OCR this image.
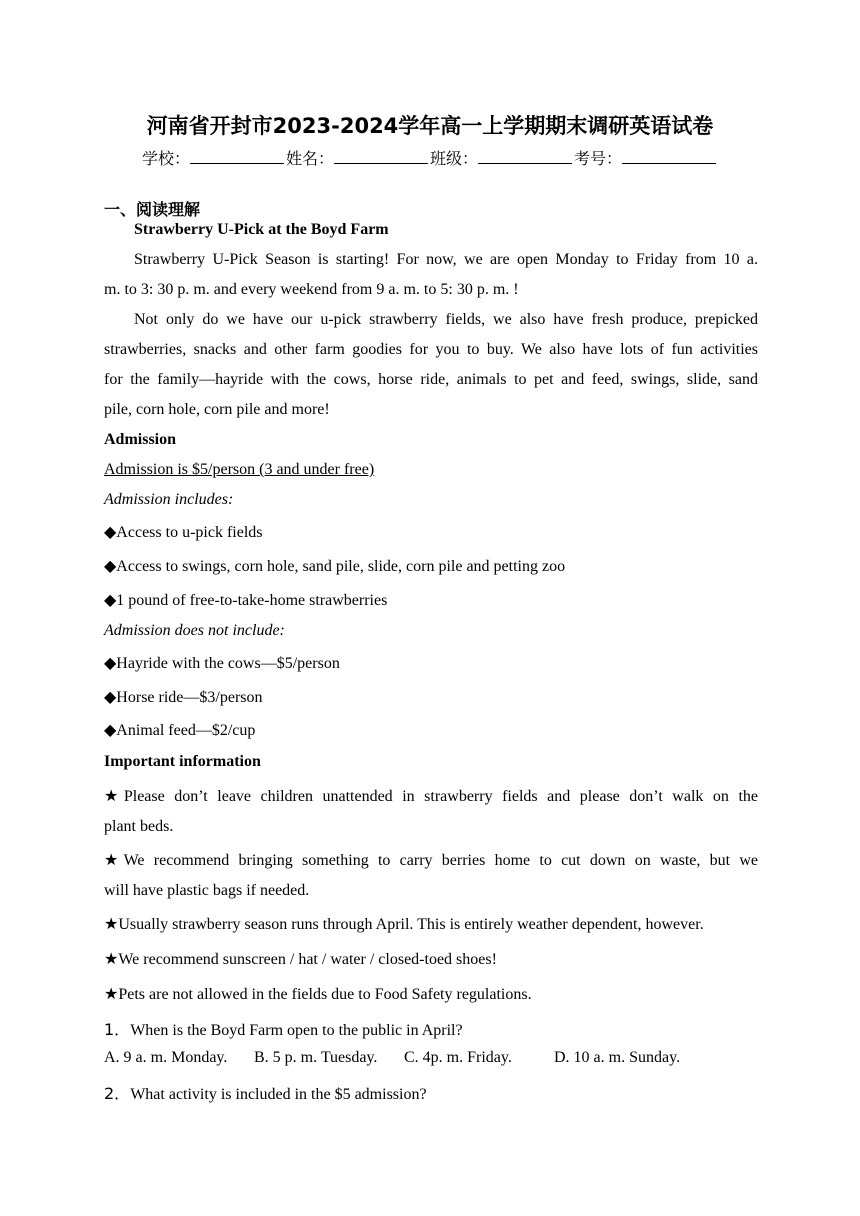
河南省开封市2023-2024学年高一上学期期末调研英语试卷
学校：	姓名：	班级：	考号：
一、阅读理解
Strawberry U-Pick at the Boyd Farm
Strawberry U-Pick Season is starting! For now, we are open Monday to Friday from 10 a.
m. to 3: 30 p. m. and every weekend from 9 a. m. to 5: 30 p. m. !
Not only do we have our u-pick strawberry fields, we also have fresh produce, prepicked
strawberries, snacks and other farm goodies for you to buy. We also have lots of fun activities
for the family—hayride with the cows, horse ride, animals to pet and feed, swings, slide, sand
pile, corn hole, corn pile and more!
Admission
Admission is $5/person (3 and under free)
Admission includes:
◆Access to u-pick fields
◆Access to swings, corn hole, sand pile, slide, corn pile and petting zoo
◆1 pound of free-to-take-home strawberries
Admission does not include:
◆Hayride with the cows—$5/person
◆Horse ride—$3/person
◆Animal feed—$2/cup
Important information
★Please don’t leave children unattended in strawberry fields and please don’t walk on the
plant beds.
★We recommend bringing something to carry berries home to cut down on waste, but we
will have plastic bags if needed.
★Usually strawberry season runs through April. This is entirely weather dependent, however.
★We recommend sunscreen / hat / water / closed-toed shoes!
★Pets are not allowed in the fields due to Food Safety regulations.
1．When is the Boyd Farm open to the public in April?
A. 9 a. m. Monday. B. 5 p. m. Tuesday. C. 4p. m. Friday.	D. 10 a. m. Sunday.
2．What activity is included in the $5 admission?
